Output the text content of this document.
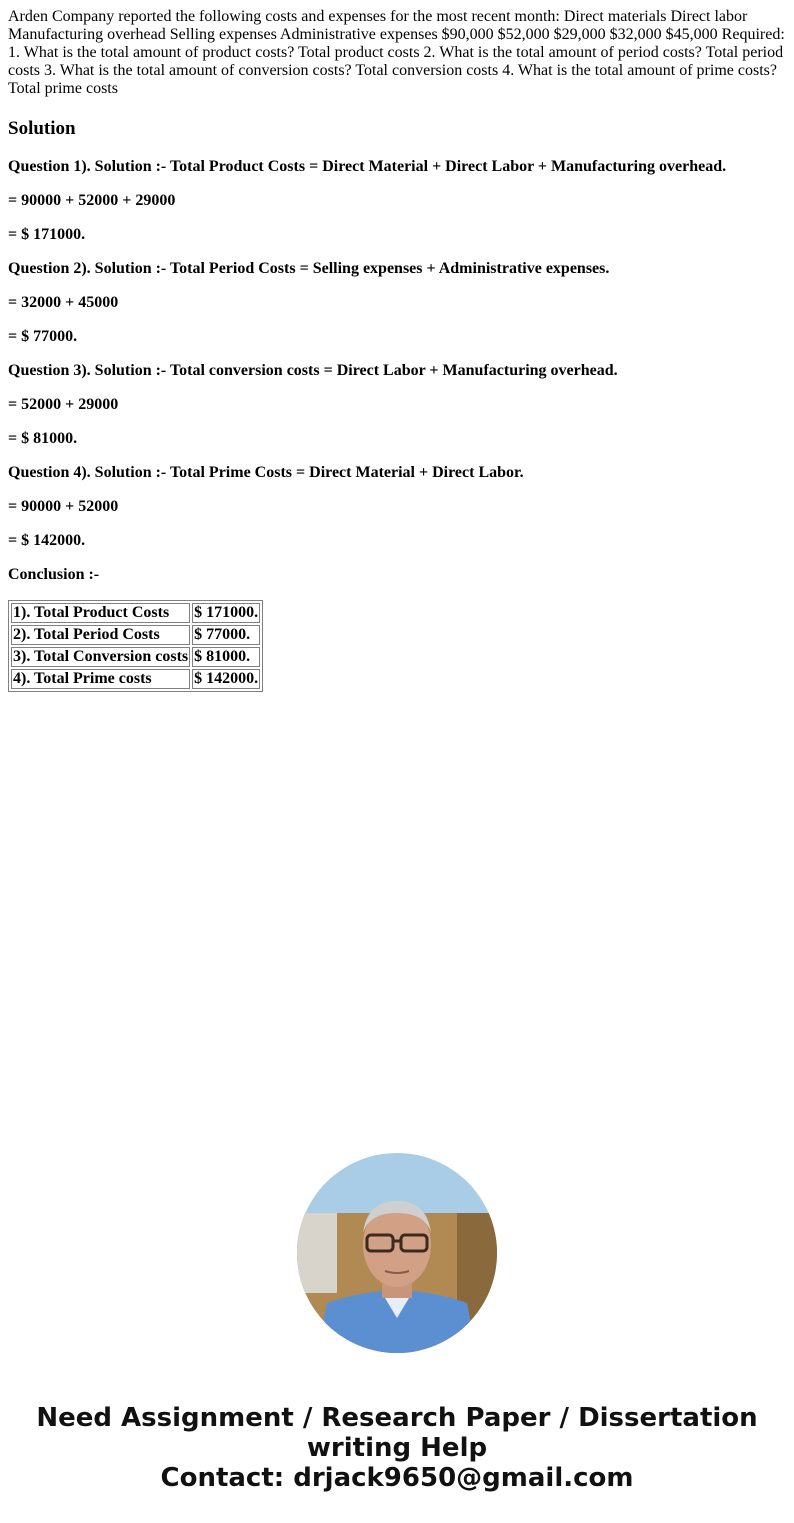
Arden Company reported the following costs and expenses for the most recent month: Direct materials Direct labor Manufacturing overhead Selling expenses Administrative expenses $90,000 $52,000 $29,000 $32,000 $45,000 Required: 1. What is the total amount of product costs? Total product costs 2. What is the total amount of period costs? Total period costs 3. What is the total amount of conversion costs? Total conversion costs 4. What is the total amount of prime costs? Total prime costs

Solution

Question 1). Solution :- Total Product Costs = Direct Material + Direct Labor + Manufacturing overhead.

= 90000 + 52000 + 29000

= $ 171000.

Question 2). Solution :- Total Period Costs = Selling expenses + Administrative expenses.

= 32000 + 45000

= $ 77000.

Question 3). Solution :- Total conversion costs = Direct Labor + Manufacturing overhead.

= 52000 + 29000

= $ 81000.

Question 4). Solution :- Total Prime Costs = Direct Material + Direct Labor.

= 90000 + 52000

= $ 142000.

Conclusion :-

1). Total Product Costs	$ 171000.
2). Total Period Costs	$ 77000.
3). Total Conversion costs	$ 81000.
4). Total Prime costs	$ 142000.
Need Assignment / Research Paper / Dissertation
writing Help
Contact: drjack9650@gmail.com
